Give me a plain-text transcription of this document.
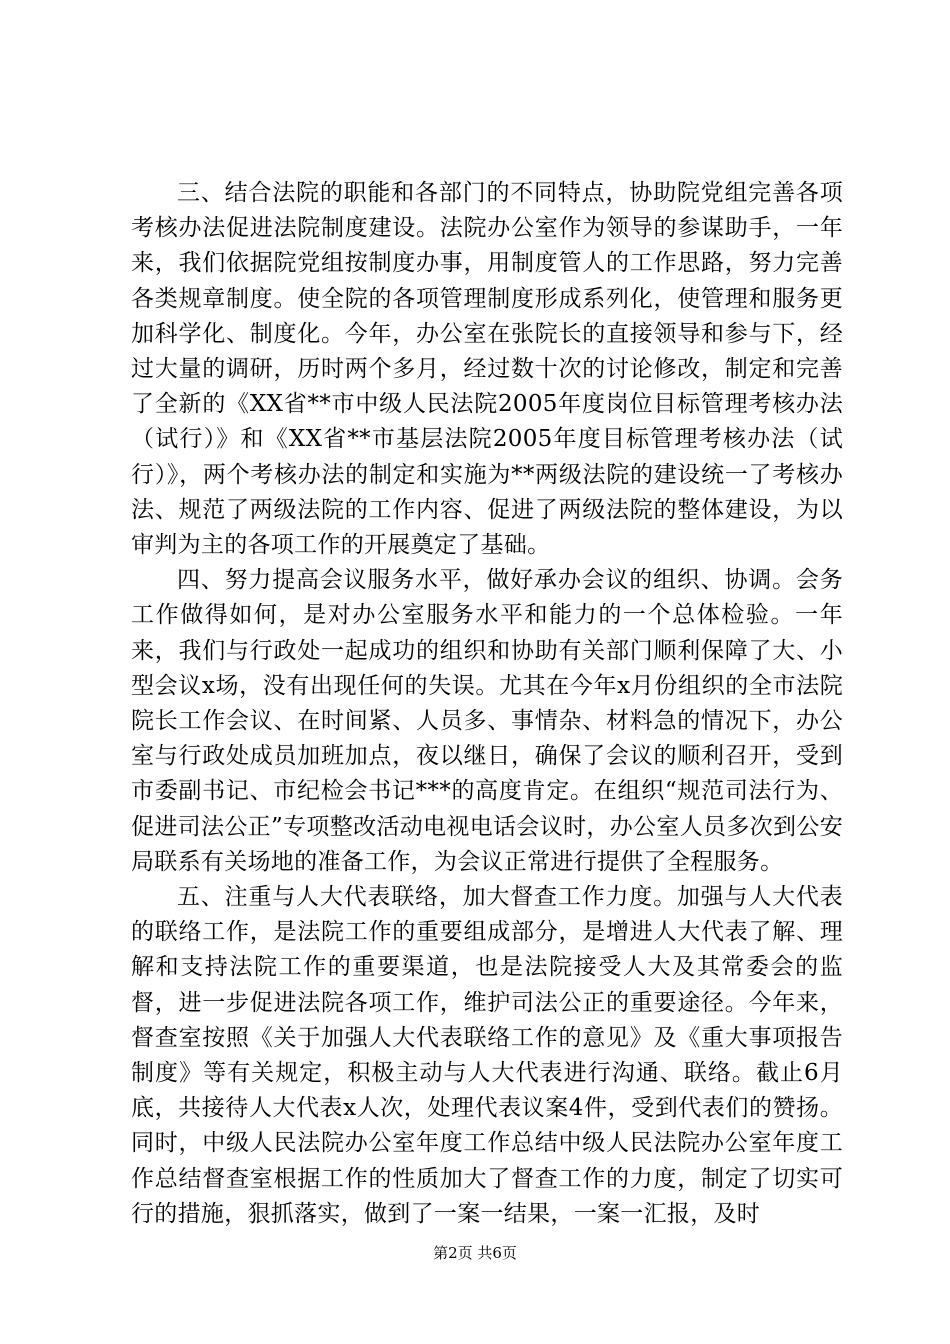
三、结合法院的职能和各部门的不同特点，协助院党组完善各项考核办法促进法院制度建设。法院办公室作为领导的参谋助手，一年来，我们依据院党组按制度办事，用制度管人的工作思路，努力完善各类规章制度。使全院的各项管理制度形成系列化，使管理和服务更加科学化、制度化。今年，办公室在张院长的直接领导和参与下，经过大量的调研，历时两个多月，经过数十次的讨论修改，制定和完善了全新的《XX省**市中级人民法院2005年度岗位目标管理考核办法（试行）》和《XX省**市基层法院2005年度目标管理考核办法（试行）》，两个考核办法的制定和实施为**两级法院的建设统一了考核办法、规范了两级法院的工作内容、促进了两级法院的整体建设，为以审判为主的各项工作的开展奠定了基础。

四、努力提高会议服务水平，做好承办会议的组织、协调。会务工作做得如何，是对办公室服务水平和能力的一个总体检验。一年来，我们与行政处一起成功的组织和协助有关部门顺利保障了大、小型会议x场，没有出现任何的失误。尤其在今年x月份组织的全市法院院长工作会议、在时间紧、人员多、事情杂、材料急的情况下，办公室与行政处成员加班加点，夜以继日，确保了会议的顺利召开，受到市委副书记、市纪检会书记***的高度肯定。在组织“规范司法行为、促进司法公正”专项整改活动电视电话会议时，办公室人员多次到公安局联系有关场地的准备工作，为会议正常进行提供了全程服务。

五、注重与人大代表联络，加大督查工作力度。加强与人大代表的联络工作，是法院工作的重要组成部分，是增进人大代表了解、理解和支持法院工作的重要渠道，也是法院接受人大及其常委会的监督，进一步促进法院各项工作，维护司法公正的重要途径。今年来，督查室按照《关于加强人大代表联络工作的意见》及《重大事项报告制度》等有关规定，积极主动与人大代表进行沟通、联络。截止6月底，共接待人大代表x人次，处理代表议案4件，受到代表们的赞扬。同时，中级人民法院办公室年度工作总结中级人民法院办公室年度工作总结督查室根据工作的性质加大了督查工作的力度，制定了切实可行的措施，狠抓落实，做到了一案一结果，一案一汇报，及时

第2页 共6页
